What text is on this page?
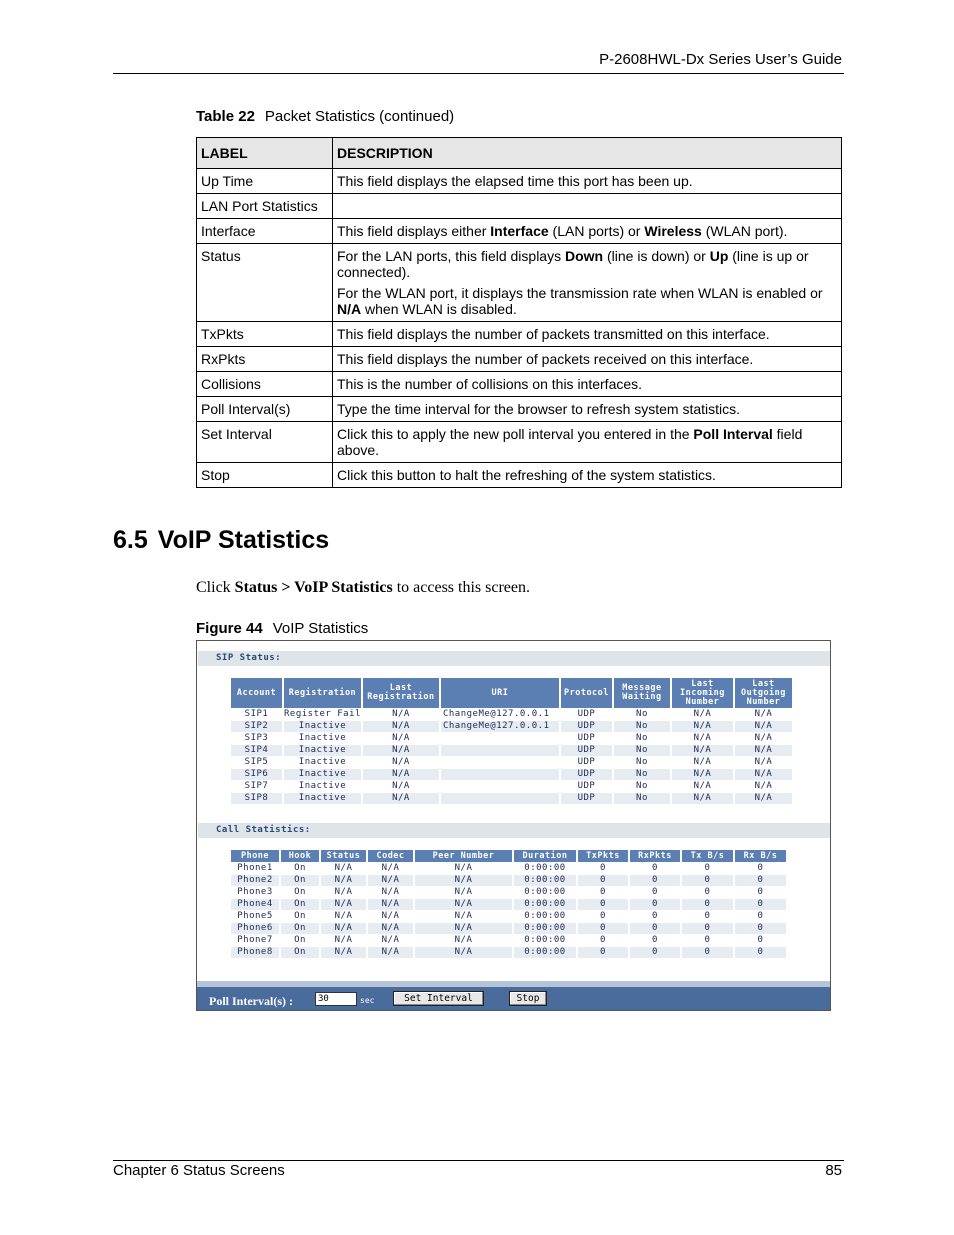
P-2608HWL-Dx Series User’s Guide
Table 22 Packet Statistics (continued)
LABEL	DESCRIPTION
Up Time	This field displays the elapsed time this port has been up.
LAN Port Statistics	
Interface	This field displays either Interface (LAN ports) or Wireless (WLAN port).
Status	For the LAN ports, this field displays Down (line is down) or Up (line is up or connected).

For the WLAN port, it displays the transmission rate when WLAN is enabled or N/A when WLAN is disabled.

TxPkts	This field displays the number of packets transmitted on this interface.
RxPkts	This field displays the number of packets received on this interface.
Collisions	This is the number of collisions on this interfaces.
Poll Interval(s)	Type the time interval for the browser to refresh system statistics.
Set Interval	Click this to apply the new poll interval you entered in the Poll Interval field above.
Stop	Click this button to halt the refreshing of the system statistics.
6.5 VoIP Statistics
Click Status > VoIP Statistics to access this screen.
Figure 44 VoIP Statistics
SIP Status:
Account	Registration	Last Registration	URI	Protocol	Message Waiting	Last Incoming Number	Last Outgoing Number
SIP1	Register Fail	N/A	ChangeMe@127.0.0.1	UDP	No	N/A	N/A
SIP2	Inactive	N/A	ChangeMe@127.0.0.1	UDP	No	N/A	N/A
SIP3	Inactive	N/A		UDP	No	N/A	N/A
SIP4	Inactive	N/A		UDP	No	N/A	N/A
SIP5	Inactive	N/A		UDP	No	N/A	N/A
SIP6	Inactive	N/A		UDP	No	N/A	N/A
SIP7	Inactive	N/A		UDP	No	N/A	N/A
SIP8	Inactive	N/A		UDP	No	N/A	N/A
Call Statistics:
Phone	Hook	Status	Codec	Peer Number	Duration	TxPkts	RxPkts	Tx B/s	Rx B/s
Phone1	On	N/A	N/A	N/A	0:00:00	0	0	0	0
Phone2	On	N/A	N/A	N/A	0:00:00	0	0	0	0
Phone3	On	N/A	N/A	N/A	0:00:00	0	0	0	0
Phone4	On	N/A	N/A	N/A	0:00:00	0	0	0	0
Phone5	On	N/A	N/A	N/A	0:00:00	0	0	0	0
Phone6	On	N/A	N/A	N/A	0:00:00	0	0	0	0
Phone7	On	N/A	N/A	N/A	0:00:00	0	0	0	0
Phone8	On	N/A	N/A	N/A	0:00:00	0	0	0	0
Poll Interval(s) :
30	sec	Set Interval	Stop
Chapter 6 Status Screens	85
